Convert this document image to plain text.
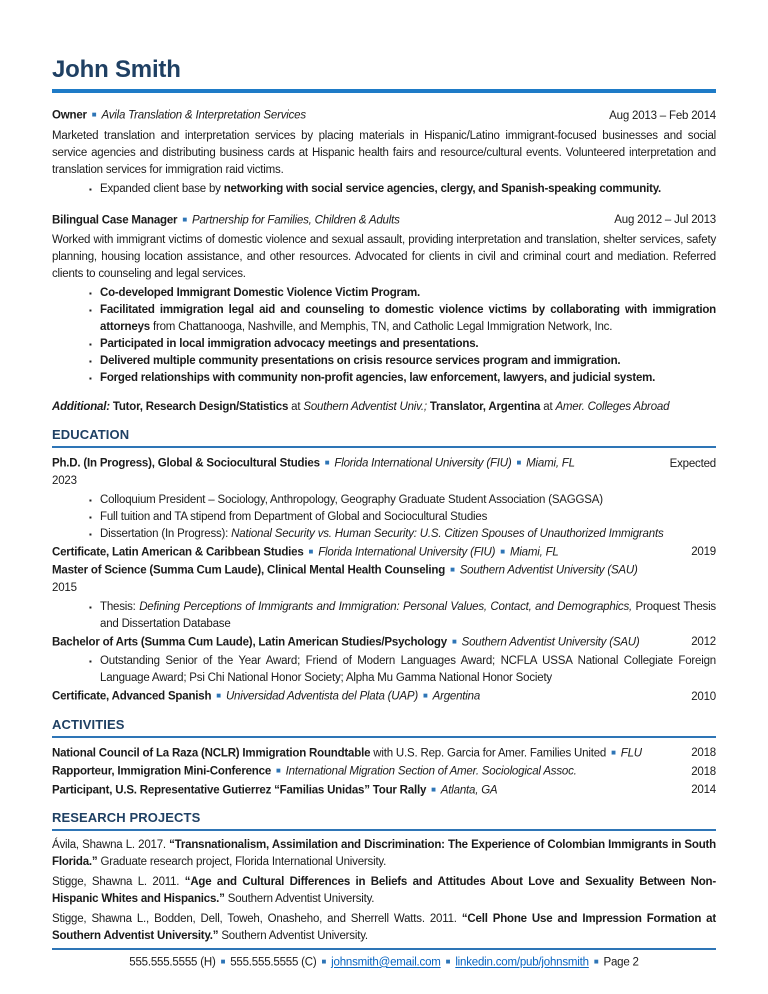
John Smith
Owner ■ Avila Translation & Interpretation Services	Aug 2013 – Feb 2014

Marketed translation and interpretation services by placing materials in Hispanic/Latino immigrant-focused businesses and social service agencies and distributing business cards at Hispanic health fairs and resource/cultural events. Volunteered interpretation and translation services for immigration raid victims.

▪ Expanded client base by networking with social service agencies, clergy, and Spanish-speaking community.
Bilingual Case Manager ■ Partnership for Families, Children & Adults	Aug 2012 – Jul 2013

Worked with immigrant victims of domestic violence and sexual assault, providing interpretation and translation, shelter services, safety planning, housing location assistance, and other resources. Advocated for clients in civil and criminal court and mediation. Referred clients to counseling and legal services.

▪ Co-developed Immigrant Domestic Violence Victim Program.
▪ Facilitated immigration legal aid and counseling to domestic violence victims by collaborating with immigration attorneys from Chattanooga, Nashville, and Memphis, TN, and Catholic Legal Immigration Network, Inc.
▪ Participated in local immigration advocacy meetings and presentations.
▪ Delivered multiple community presentations on crisis resource services program and immigration.
▪ Forged relationships with community non-profit agencies, law enforcement, lawyers, and judicial system.

Additional: Tutor, Research Design/Statistics at Southern Adventist Univ.; Translator, Argentina at Amer. Colleges Abroad

EDUCATION
Ph.D. (In Progress), Global & Sociocultural Studies ■ Florida International University (FIU) ■ Miami, FL	Expected
2023
▪ Colloquium President – Sociology, Anthropology, Geography Graduate Student Association (SAGGSA)
▪ Full tuition and TA stipend from Department of Global and Sociocultural Studies
▪ Dissertation (In Progress): National Security vs. Human Security: U.S. Citizen Spouses of Unauthorized Immigrants
Certificate, Latin American & Caribbean Studies ■ Florida International University (FIU) ■ Miami, FL	2019
Master of Science (Summa Cum Laude), Clinical Mental Health Counseling ■ Southern Adventist University (SAU)
2015
▪ Thesis: Defining Perceptions of Immigrants and Immigration: Personal Values, Contact, and Demographics, Proquest Thesis and Dissertation Database
Bachelor of Arts (Summa Cum Laude), Latin American Studies/Psychology ■ Southern Adventist University (SAU)	2012
▪ Outstanding Senior of the Year Award; Friend of Modern Languages Award; NCFLA USSA National Collegiate Foreign Language Award; Psi Chi National Honor Society; Alpha Mu Gamma National Honor Society
Certificate, Advanced Spanish ■ Universidad Adventista del Plata (UAP) ■ Argentina	2010
ACTIVITIES
National Council of La Raza (NCLR) Immigration Roundtable with U.S. Rep. Garcia for Amer. Families United ■ FLU	2018
Rapporteur, Immigration Mini-Conference ■ International Migration Section of Amer. Sociological Assoc.	2018
Participant, U.S. Representative Gutierrez “Familias Unidas” Tour Rally ■ Atlanta, GA	2014
RESEARCH PROJECTS

Ávila, Shawna L. 2017. “Transnationalism, Assimilation and Discrimination: The Experience of Colombian Immigrants in South Florida.” Graduate research project, Florida International University.

Stigge, Shawna L. 2011. “Age and Cultural Differences in Beliefs and Attitudes About Love and Sexuality Between Non-Hispanic Whites and Hispanics.” Southern Adventist University.

Stigge, Shawna L., Bodden, Dell, Toweh, Onasheho, and Sherrell Watts. 2011. “Cell Phone Use and Impression Formation at Southern Adventist University.” Southern Adventist University.

555.555.5555 (H) ■ 555.555.5555 (C) ■ johnsmith@email.com ■ linkedin.com/pub/johnsmith ■ Page 2
